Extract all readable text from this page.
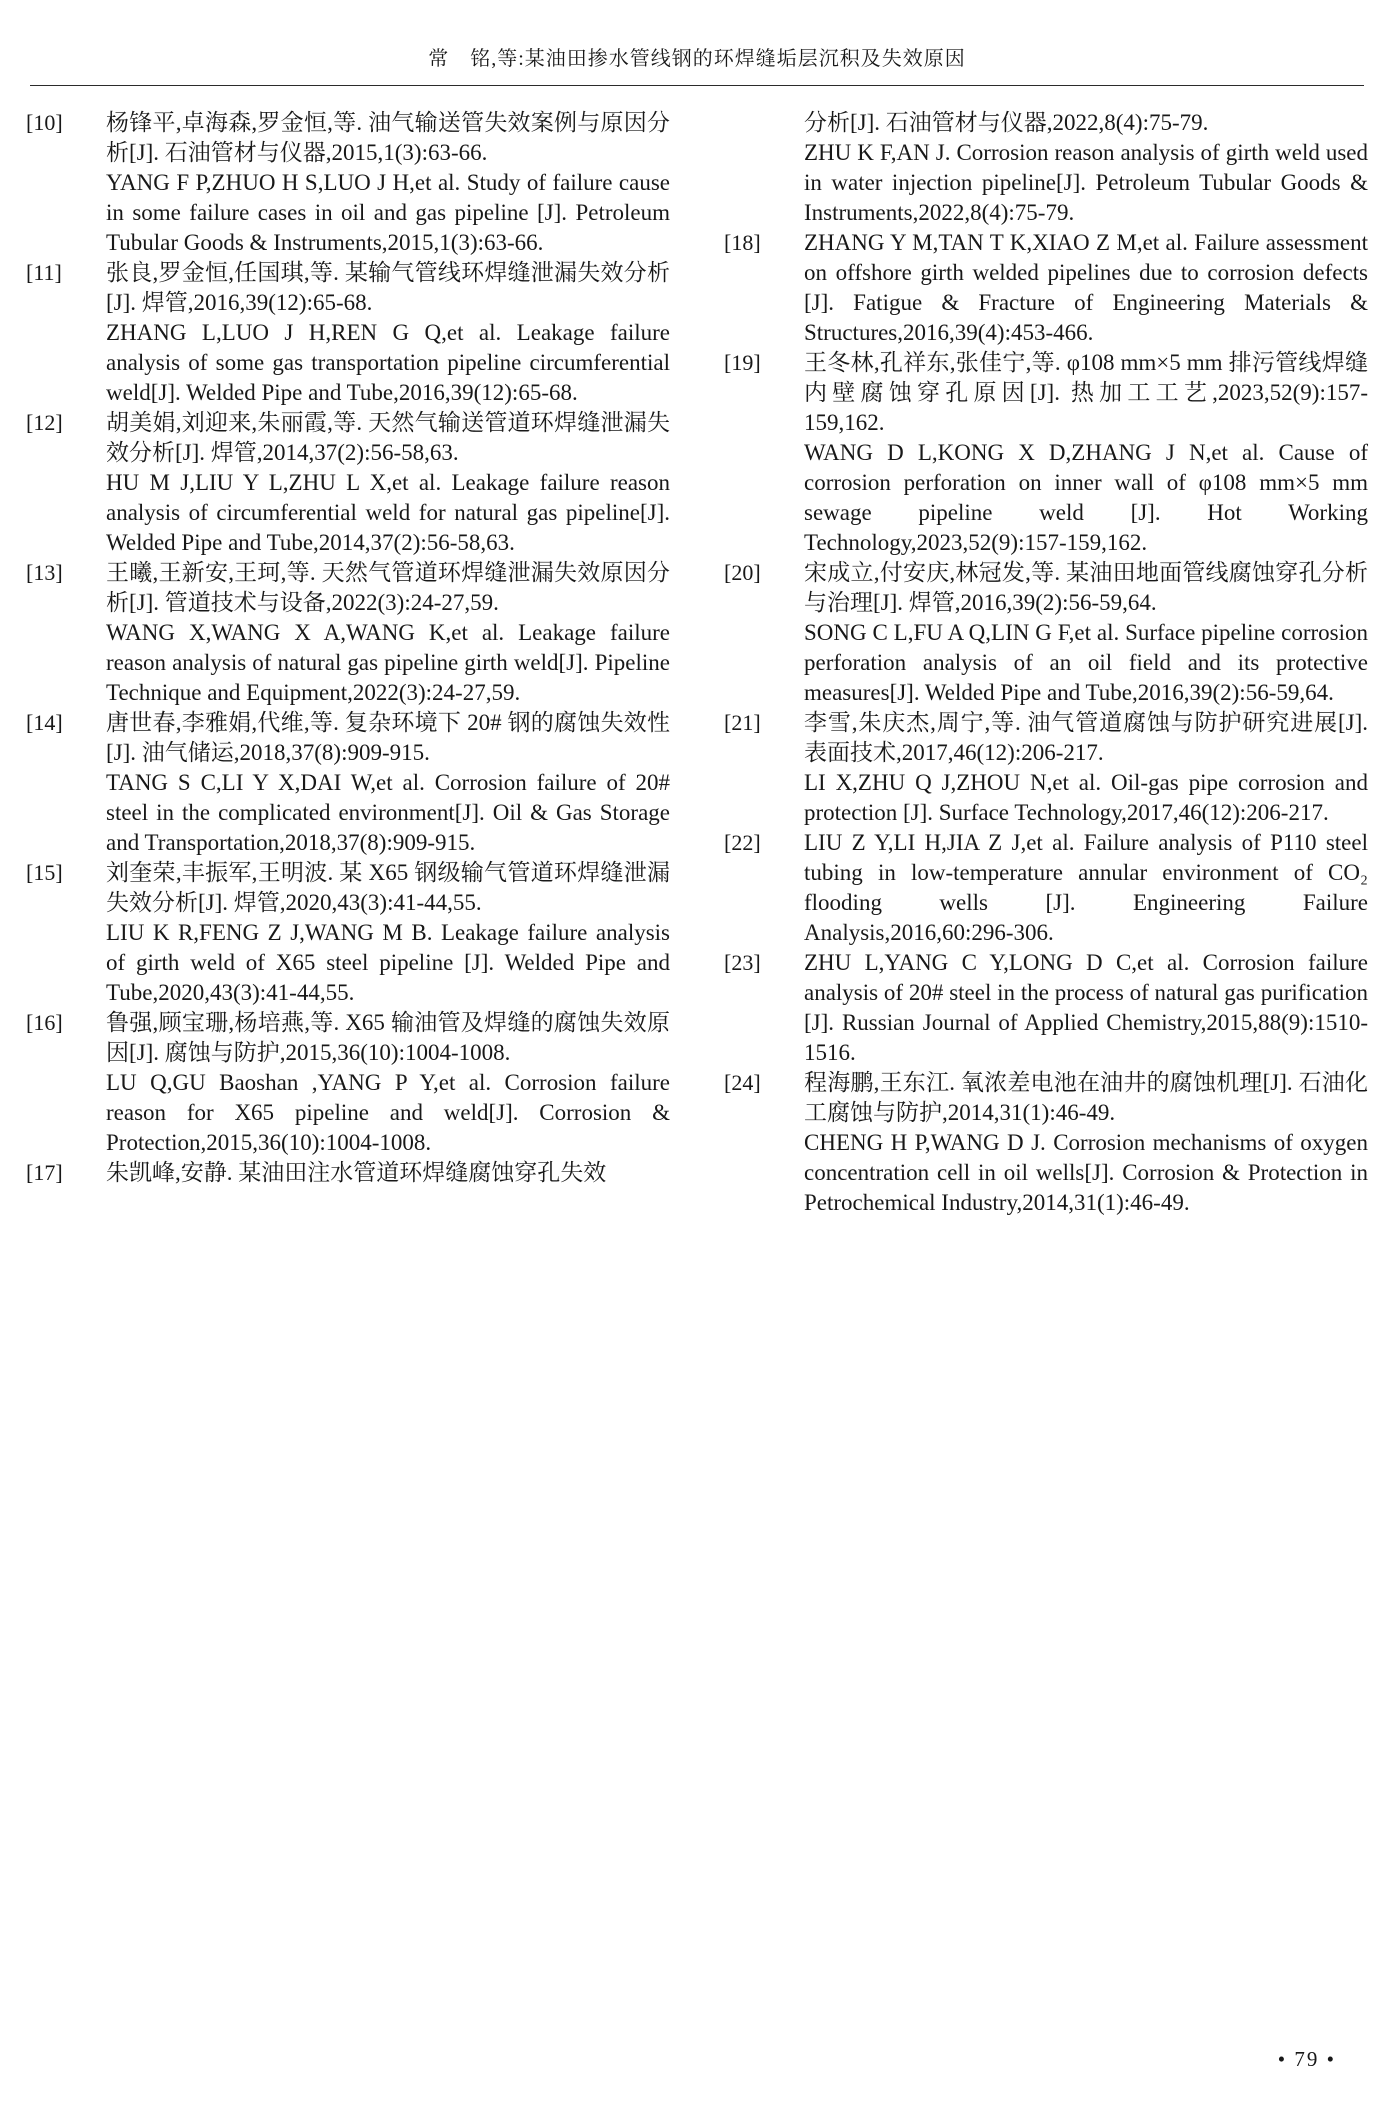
常　铭,等:某油田掺水管线钢的环焊缝垢层沉积及失效原因
[10]	杨锋平,卓海森,罗金恒,等. 油气输送管失效案例与原因分析[J]. 石油管材与仪器,2015,1(3):63-66.

YANG F P,ZHUO H S,LUO J H,et al. Study of failure cause in some failure cases in oil and gas pipeline [J]. Petroleum Tubular Goods & Instruments,2015,1(3):63-66.

[11]	张良,罗金恒,任国琪,等. 某输气管线环焊缝泄漏失效分析[J]. 焊管,2016,39(12):65-68.

ZHANG L,LUO J H,REN G Q,et al. Leakage failure analysis of some gas transportation pipeline circumferential weld[J]. Welded Pipe and Tube,2016,39(12):65-68.

[12]	胡美娟,刘迎来,朱丽霞,等. 天然气输送管道环焊缝泄漏失效分析[J]. 焊管,2014,37(2):56-58,63.

HU M J,LIU Y L,ZHU L X,et al. Leakage failure reason analysis of circumferential weld for natural gas pipeline[J]. Welded Pipe and Tube,2014,37(2):56-58,63.

[13]	王曦,王新安,王珂,等. 天然气管道环焊缝泄漏失效原因分析[J]. 管道技术与设备,2022(3):24-27,59.

WANG X,WANG X A,WANG K,et al. Leakage failure reason analysis of natural gas pipeline girth weld[J]. Pipeline Technique and Equipment,2022(3):24-27,59.

[14]	唐世春,李雅娟,代维,等. 复杂环境下 20# 钢的腐蚀失效性[J]. 油气储运,2018,37(8):909-915.

TANG S C,LI Y X,DAI W,et al. Corrosion failure of 20# steel in the complicated environment[J]. Oil & Gas Storage and Transportation,2018,37(8):909-915.

[15]	刘奎荣,丰振军,王明波. 某 X65 钢级输气管道环焊缝泄漏失效分析[J]. 焊管,2020,43(3):41-44,55.

LIU K R,FENG Z J,WANG M B. Leakage failure analysis of girth weld of X65 steel pipeline [J]. Welded Pipe and Tube,2020,43(3):41-44,55.

[16]	鲁强,顾宝珊,杨培燕,等. X65 输油管及焊缝的腐蚀失效原因[J]. 腐蚀与防护,2015,36(10):1004-1008.

LU Q,GU Baoshan ,YANG P Y,et al. Corrosion failure reason for X65 pipeline and weld[J]. Corrosion & Protection,2015,36(10):1004-1008.

[17]	朱凯峰,安静. 某油田注水管道环焊缝腐蚀穿孔失效

分析[J]. 石油管材与仪器,2022,8(4):75-79.

ZHU K F,AN J. Corrosion reason analysis of girth weld used in water injection pipeline[J]. Petroleum Tubular Goods & Instruments,2022,8(4):75-79.

[18]	ZHANG Y M,TAN T K,XIAO Z M,et al. Failure assessment on offshore girth welded pipelines due to corrosion defects [J]. Fatigue & Fracture of Engineering Materials & Structures,2016,39(4):453-466.

[19]	王冬林,孔祥东,张佳宁,等. φ108 mm×5 mm 排污管线焊缝内壁腐蚀穿孔原因[J]. 热加工工艺,2023,52(9):157-159,162.

WANG D L,KONG X D,ZHANG J N,et al. Cause of corrosion perforation on inner wall of φ108 mm×5 mm sewage pipeline weld [J]. Hot Working Technology,2023,52(9):157-159,162.

[20]	宋成立,付安庆,林冠发,等. 某油田地面管线腐蚀穿孔分析与治理[J]. 焊管,2016,39(2):56-59,64.

SONG C L,FU A Q,LIN G F,et al. Surface pipeline corrosion perforation analysis of an oil field and its protective measures[J]. Welded Pipe and Tube,2016,39(2):56-59,64.

[21]	李雪,朱庆杰,周宁,等. 油气管道腐蚀与防护研究进展[J]. 表面技术,2017,46(12):206-217.

LI X,ZHU Q J,ZHOU N,et al. Oil-gas pipe corrosion and protection [J]. Surface Technology,2017,46(12):206-217.

[22]	LIU Z Y,LI H,JIA Z J,et al. Failure analysis of P110 steel tubing in low-temperature annular environment of CO₂ flooding wells [J]. Engineering Failure Analysis,2016,60:296-306.

[23]	ZHU L,YANG C Y,LONG D C,et al. Corrosion failure analysis of 20# steel in the process of natural gas purification [J]. Russian Journal of Applied Chemistry,2015,88(9):1510-1516.

[24]	程海鹏,王东江. 氧浓差电池在油井的腐蚀机理[J]. 石油化工腐蚀与防护,2014,31(1):46-49.

CHENG H P,WANG D J. Corrosion mechanisms of oxygen concentration cell in oil wells[J]. Corrosion & Protection in Petrochemical Industry,2014,31(1):46-49.

• 79 •
